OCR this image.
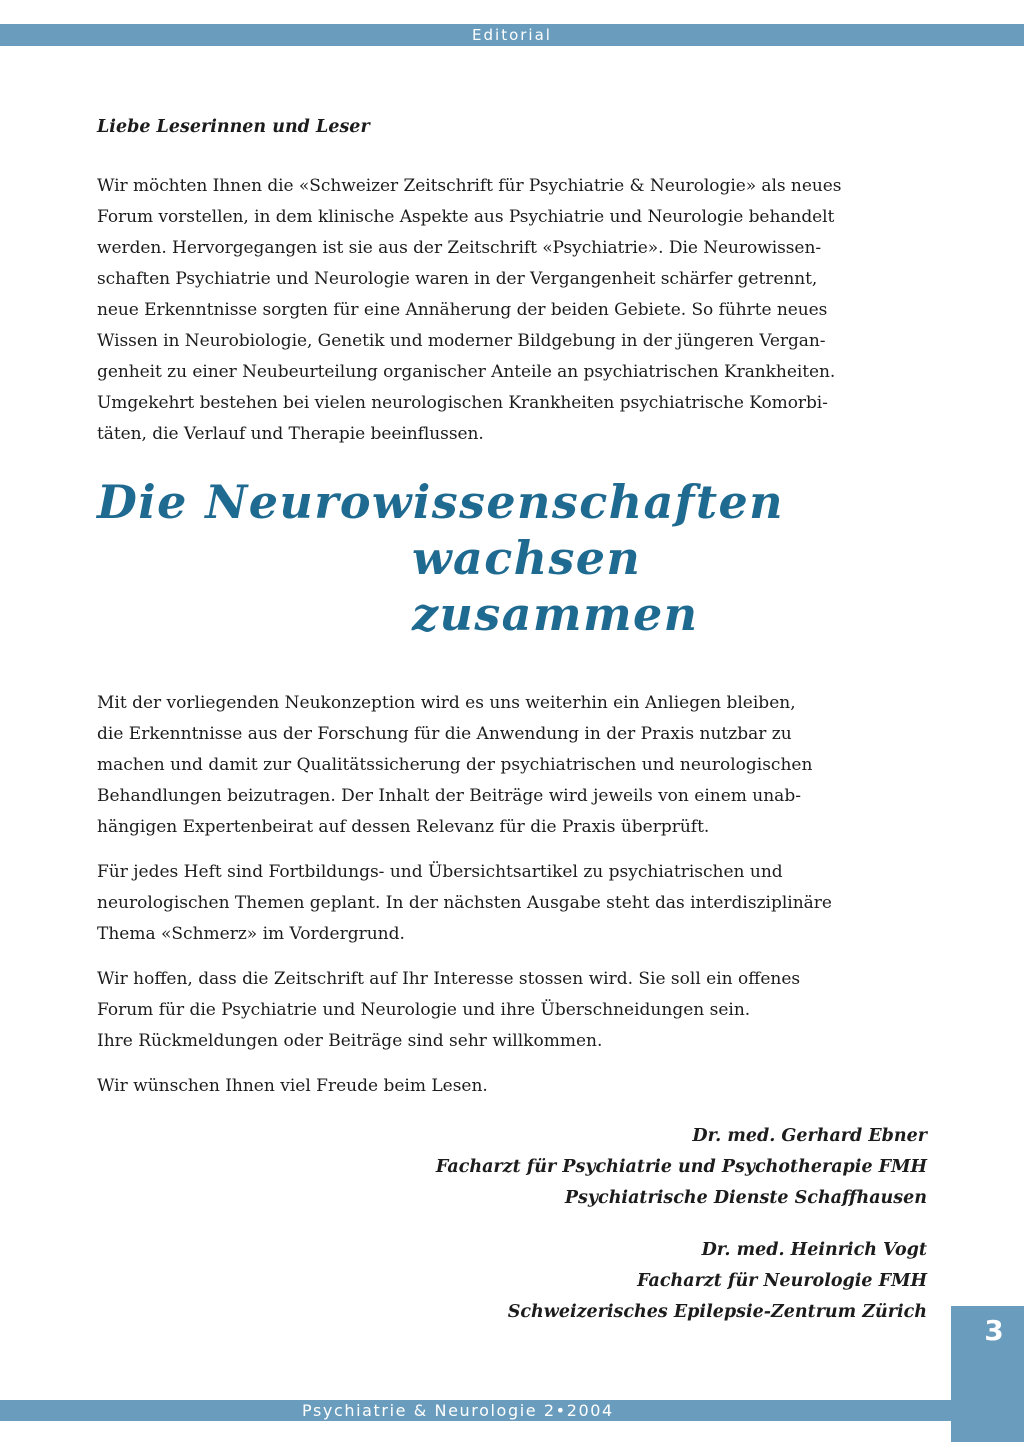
Editorial
Liebe Leserinnen und Leser

Wir möchten Ihnen die «Schweizer Zeitschrift für Psychiatrie & Neurologie» als neues
Forum vorstellen, in dem klinische Aspekte aus Psychiatrie und Neurologie behandelt
werden. Hervorgegangen ist sie aus der Zeitschrift «Psychiatrie». Die Neurowissen-
schaften Psychiatrie und Neurologie waren in der Vergangenheit schärfer getrennt,
neue Erkenntnisse sorgten für eine Annäherung der beiden Gebiete. So führte neues
Wissen in Neurobiologie, Genetik und moderner Bildgebung in der jüngeren Vergan-
genheit zu einer Neubeurteilung organischer Anteile an psychiatrischen Krankheiten.
Umgekehrt bestehen bei vielen neurologischen Krankheiten psychiatrische Komorbi-
täten, die Verlauf und Therapie beeinflussen.

Die Neurowissenschaften
wachsen zusammen

Mit der vorliegenden Neukonzeption wird es uns weiterhin ein Anliegen bleiben,
die Erkenntnisse aus der Forschung für die Anwendung in der Praxis nutzbar zu
machen und damit zur Qualitätssicherung der psychiatrischen und neurologischen
Behandlungen beizutragen. Der Inhalt der Beiträge wird jeweils von einem unab-
hängigen Expertenbeirat auf dessen Relevanz für die Praxis überprüft.

Für jedes Heft sind Fortbildungs- und Übersichtsartikel zu psychiatrischen und
neurologischen Themen geplant. In der nächsten Ausgabe steht das interdisziplinäre
Thema «Schmerz» im Vordergrund.

Wir hoffen, dass die Zeitschrift auf Ihr Interesse stossen wird. Sie soll ein offenes
Forum für die Psychiatrie und Neurologie und ihre Überschneidungen sein.
Ihre Rückmeldungen oder Beiträge sind sehr willkommen.

Wir wünschen Ihnen viel Freude beim Lesen.

Dr. med. Gerhard Ebner
Facharzt für Psychiatrie und Psychotherapie FMH
Psychiatrische Dienste Schaffhausen
Dr. med. Heinrich Vogt
Facharzt für Neurologie FMH
Schweizerisches Epilepsie-Zentrum Zürich
3
Psychiatrie & Neurologie 2•2004
